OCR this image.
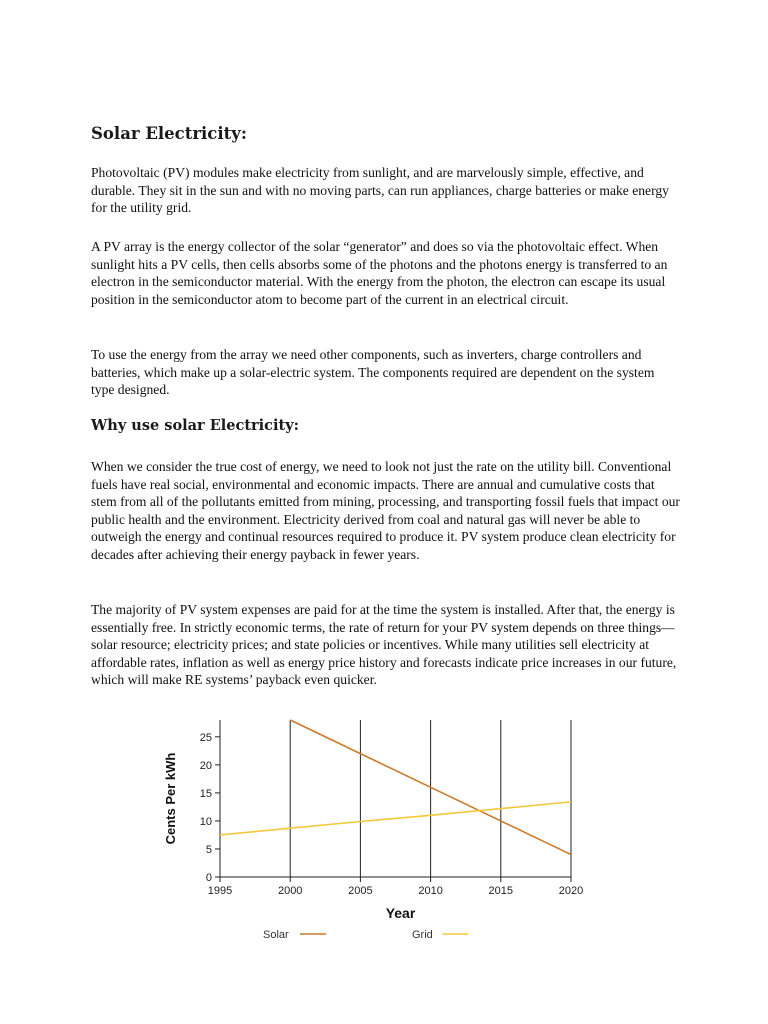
Solar Electricity:

Photovoltaic (PV) modules make electricity from sunlight, and are marvelously simple, effective, and durable. They sit in the sun and with no moving parts, can run appliances, charge batteries or make energy for the utility grid.

A PV array is the energy collector of the solar “generator” and does so via the photovoltaic effect. When sunlight hits a PV cells, then cells absorbs some of the photons and the photons energy is transferred to an electron in the semiconductor material. With the energy from the photon, the electron can escape its usual position in the semiconductor atom to become part of the current in an electrical circuit.

To use the energy from the array we need other components, such as inverters, charge controllers and batteries, which make up a solar-electric system. The components required are dependent on the system type designed.

Why use solar Electricity:

When we consider the true cost of energy, we need to look not just the rate on the utility bill. Conventional fuels have real social, environmental and economic impacts. There are annual and cumulative costs that stem from all of the pollutants emitted from mining, processing, and transporting fossil fuels that impact our public health and the environment. Electricity derived from coal and natural gas will never be able to outweigh the energy and continual resources required to produce it. PV system produce clean electricity for decades after achieving their energy payback in fewer years.

The majority of PV system expenses are paid for at the time the system is installed. After that, the energy is essentially free. In strictly economic terms, the rate of return for your PV system depends on three things—solar resource; electricity prices; and state policies or incentives. While many utilities sell electricity at affordable rates, inflation as well as energy price history and forecasts indicate price increases in our future, which will make RE systems’ payback even quicker.

0
5
10
15
20
25
1995	2000	2005	2010	2015	2020
Year
Cents Per kWh
Solar	Grid
